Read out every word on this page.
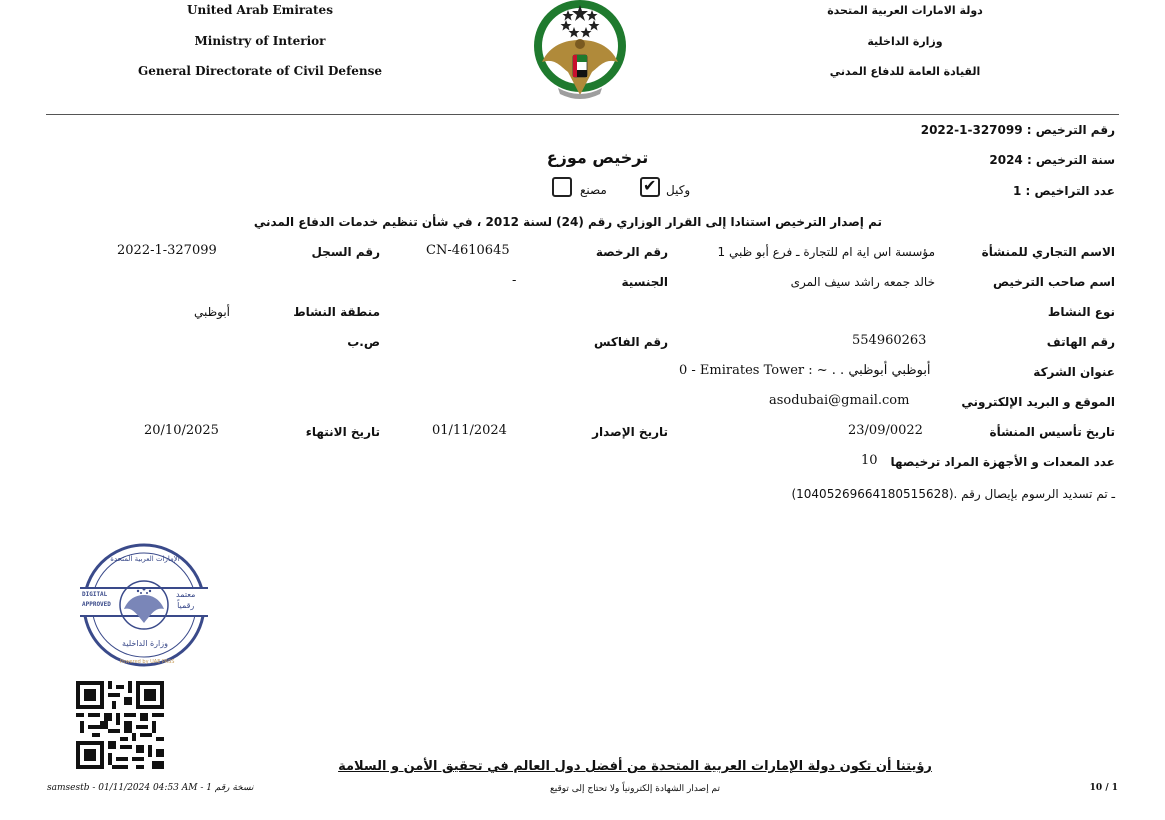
United Arab Emirates
Ministry of Interior
General Directorate of Civil Defense
دولة الامارات العربية المتحدة
وزارة الداخلية
القيادة العامة للدفاع المدني
رقم الترخيص : 327099-1-2022
سنة الترخيص : 2024
عدد التراخيص : 1
ترخيص موزع
وكيل
✔
مصنع
تم إصدار الترخيص استنادا إلى القرار الوزاري رقم (24) لسنة 2012 ، في شأن تنظيم خدمات الدفاع المدني
الاسم التجاري للمنشأة
مؤسسة اس اية ام للتجارة ـ فرع أبو ظبي 1
رقم الرخصة
CN-4610645
رقم السجل
2022-1-327099
اسم صاحب الترخيص
خالد جمعه راشد سيف المرى
الجنسية
-
نوع النشاط
منطقة النشاط
أبوظبي
رقم الهاتف
554960263
رقم الفاكس
ص.ب
عنوان الشركة
0 - Emirates Tower : ~ . . أبوظبي أبوظبي
الموقع و البريد الإلكتروني
asodubai@gmail.com
تاريخ تأسيس المنشأة
23/09/0022
تاريخ الإصدار
01/11/2024
تاريخ الانتهاء
20/10/2025
عدد المعدات و الأجهزة المراد ترخيصها
10
ـ تم تسديد الرسوم بإيصال رقم .(1040526966418051562​8)
DIGITAL
APPROVED
معتمد
رقمياً
الإمارات العربية المتحدة
وزارة الداخلية
Powered by UAE PASS
رؤيتنا أن تكون دولة الإمارات العربية المتحدة من أفضل دول العالم في تحقيق الأمن و السلامة
samsestb - 01/11/2024 04:53 AM - 1 نسخة رقم	تم إصدار الشهادة إلكترونياً ولا تحتاج إلى توقيع	10 / 1
